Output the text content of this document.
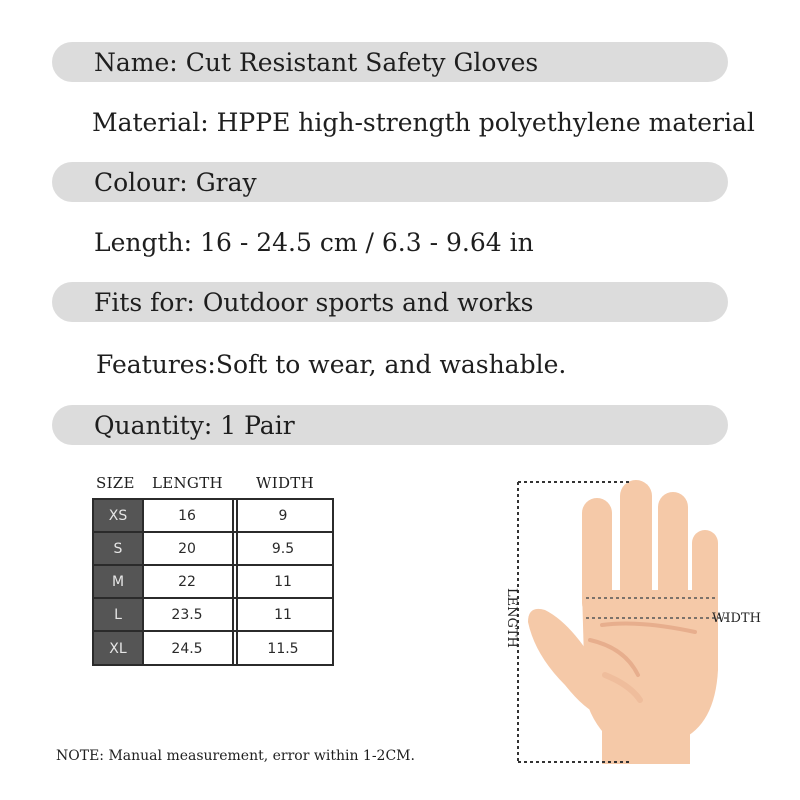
Name: Cut Resistant Safety Gloves
Material: HPPE high-strength polyethylene material
Colour: Gray
Length: 16 - 24.5 cm / 6.3 - 9.64 in
Fits for: Outdoor sports and works
Features: Soft to wear, and washable.
Quantity: 1 Pair
SIZE LENGTH WIDTH
XS	16	9
S	20	9.5
M	22	11
L	23.5	11
XL	24.5	11.5
LENGTH	WIDTH
NOTE: Manual measurement, error within 1-2CM.
